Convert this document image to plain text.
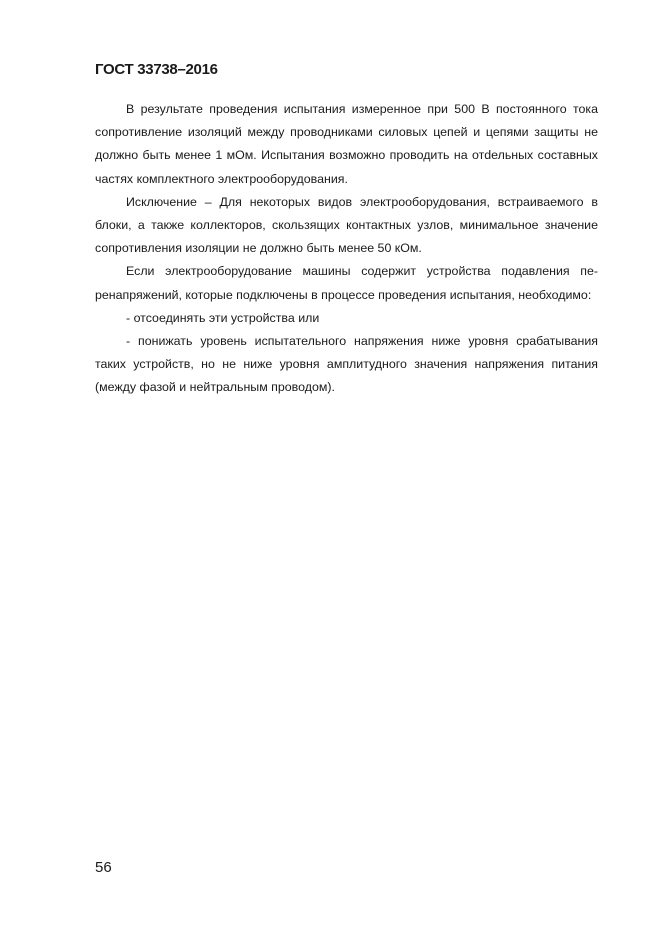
ГОСТ 33738–2016

В результате проведения испытания измеренное при 500 В постоянного тока сопротивление изоляций между проводниками силовых цепей и цепями защиты не должно быть менее 1 мОм. Испытания возможно проводить на отdельных составных частях комплектного электрооборудования.

Исключение – Для некоторых видов электрооборудования, встраиваемого в блоки, а также коллекторов, скользящих контактных узлов, минимальное значение сопротивления изоляции не должно быть менее 50 кОм.

Если электрооборудование машины содержит устройства подавления перенапряжений, которые подключены в процессе проведения испытания, необходимо:

- отсоединять эти устройства или

- понижать уровень испытательного напряжения ниже уровня срабатывания таких устройств, но не ниже уровня амплитудного значения напряжения питания (между фазой и нейтральным проводом).

56
